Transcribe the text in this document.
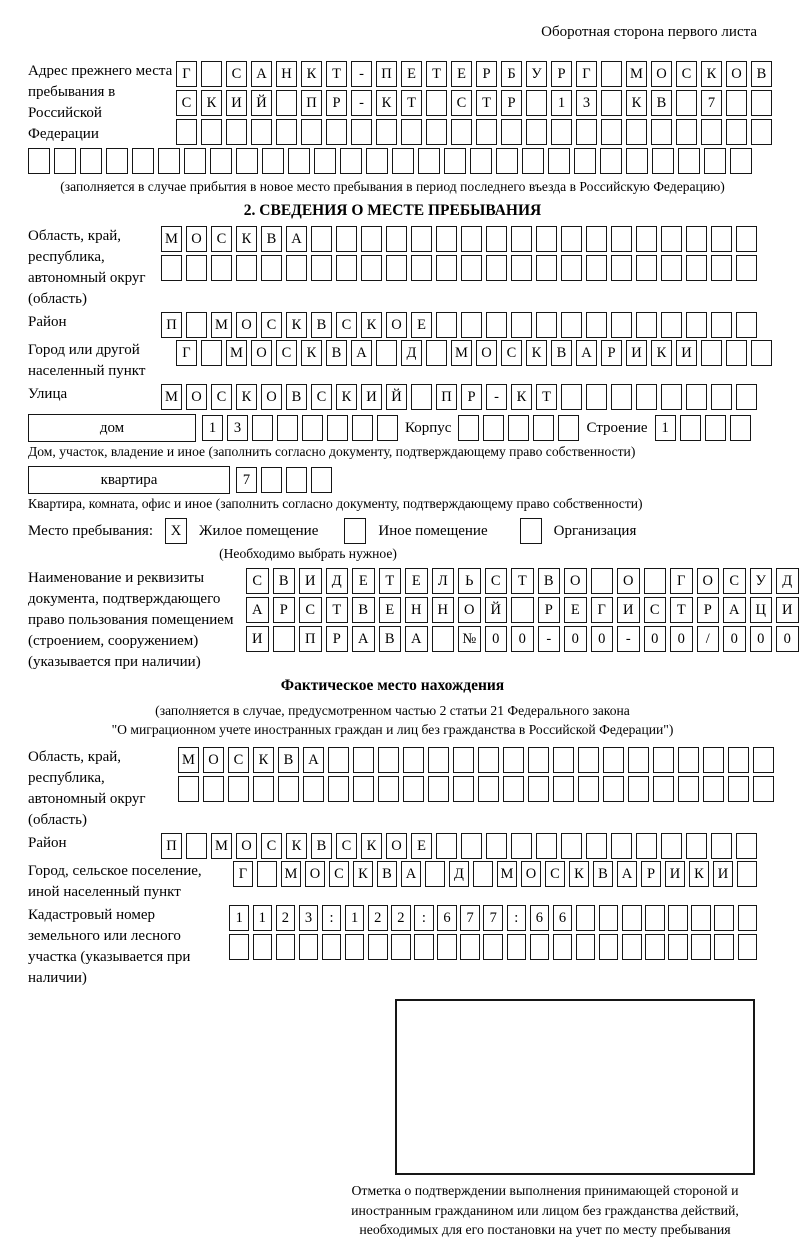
Оборотная сторона первого листа
Адрес прежнего места пребывания в Российской Федерации
Г	С	А	Н	К	Т	-	П	Е	Т	Е	Р	Б	У	Р	Г	М О	С	К	О	В
С	К	И	Й	П	Р	-	К	Т	С	Т	Р	1	3	К	В	7
(заполняется в случае прибытия в новое место пребывания в период последнего въезда в Российскую Федерацию)
2. СВЕДЕНИЯ О МЕСТЕ ПРЕБЫВАНИЯ
Область, край, республика, автономный округ (область)
М О	С	К	В	А
Район	П	М О	С	К	В	С	К	О	Е
Город или другой населенный пункт
Г	М О	С	К	В	А	Д	М О	С	К	В	А	Р	И	К	И
Улица	М О	С	К	О	В	С	К	И	Й	П	Р	-	К	Т
дом	1	3	Корпус	Строение 1
Дом, участок, владение и иное (заполнить согласно документу, подтверждающему право собственности)
квартира	7
Квартира, комната, офис и иное (заполнить согласно документу, подтверждающему право собственности)
Место пребывания:	X	Жилое помещение	Иное помещение	Организация
(Необходимо выбрать нужное)
Наименование и реквизиты документа, подтверждающего право пользования помещением (строением, сооружением) (указывается при наличии)
С	В	И	Д	Е	Т	Е	Л	Ь	С	Т	В	О	О	Г	О	С	У	Д
А	Р	С	Т	В	Е	Н	Н	О	Й	Р	Е	Г	И	С	Т	Р	А	Ц	И
И	П	Р	А	В	А	№	0	0	-	0	0	-	0	0	/	0	0	0
Фактическое место нахождения
(заполняется в случае, предусмотренном частью 2 статьи 21 Федерального закона
"О миграционном учете иностранных граждан и лиц без гражданства в Российской Федерации")
Область, край, республика, автономный округ (область)
М О	С	К	В	А
Район	П	М О	С	К	В	С	К	О	Е
Город, сельское поселение, иной населенный пункт
Г	М О С К В А	Д	М О С К В А	Р	И К И
Кадастровый номер земельного или лесного участка (указывается при наличии)
1	1	2	3	:	1	2	2	:	6	7	7	:	6	6
Отметка о подтверждении выполнения принимающей стороной и иностранным гражданином или лицом без гражданства действий, необходимых для его постановки на учет по месту пребывания
